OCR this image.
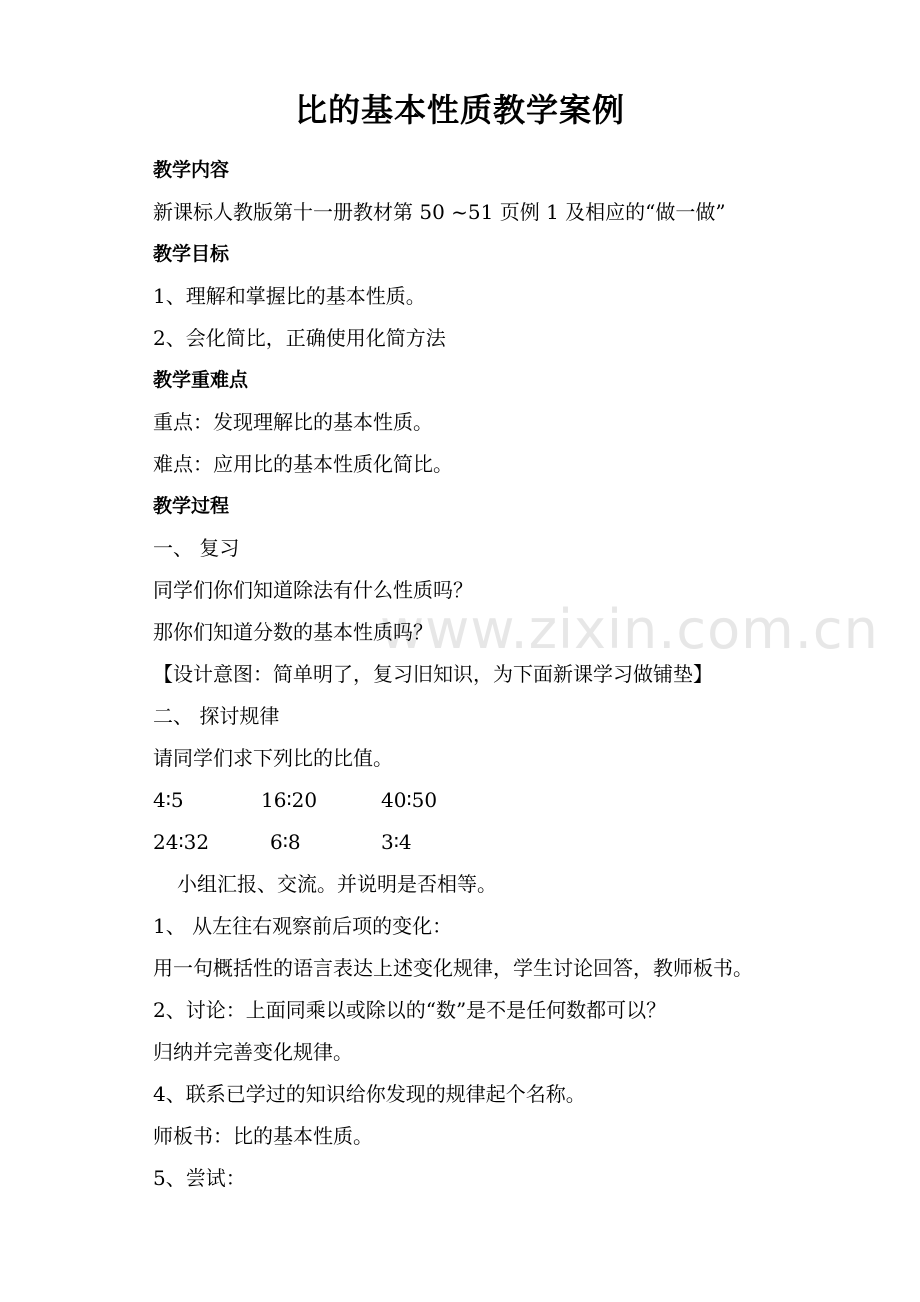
www.zixin.com.cn
比的基本性质教学案例
教学内容
新课标人教版第十一册教材第 50 ~51 页例 1 及相应的“做一做”
教学目标
1、理解和掌握比的基本性质。
2、会化简比，正确使用化简方法
教学重难点
重点：发现理解比的基本性质。
难点：应用比的基本性质化简比。
教学过程
一、 复习
同学们你们知道除法有什么性质吗？
那你们知道分数的基本性质吗？
【设计意图：简单明了，复习旧知识，为下面新课学习做铺垫】
二、 探讨规律
请同学们求下列比的比值。
4∶5	16∶20	40∶50
24∶32	6∶8	3∶4
小组汇报、交流。并说明是否相等。
1、 从左往右观察前后项的变化：
用一句概括性的语言表达上述变化规律，学生讨论回答，教师板书。
2、讨论：上面同乘以或除以的“数”是不是任何数都可以？
归纳并完善变化规律。
4、联系已学过的知识给你发现的规律起个名称。
师板书：比的基本性质。
5、尝试：
